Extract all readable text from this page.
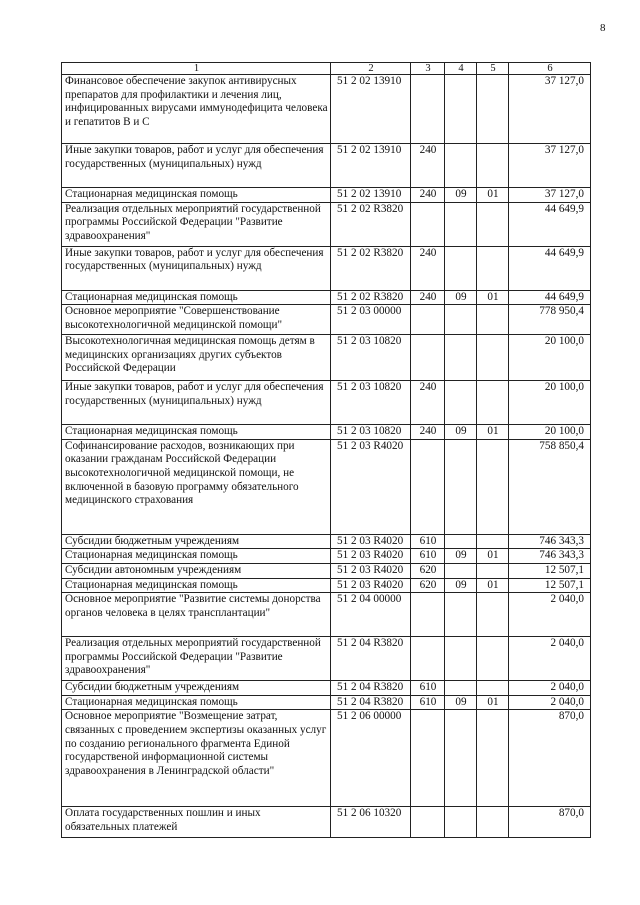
8
1	2	3	4	5	6
Финансовое обеспечение закупок антивирусных препаратов для профилактики и лечения лиц, инфицированных вирусами иммунодефицита человека и гепатитов В и С	51 2 02 13910				37 127,0
Иные закупки товаров, работ и услуг для обеспечения государственных (муниципальных) нужд	51 2 02 13910	240			37 127,0
Стационарная медицинская помощь	51 2 02 13910	240	09	01	37 127,0
Реализация отдельных мероприятий государственной программы Российской Федерации "Развитие здравоохранения"	51 2 02 R3820				44 649,9
Иные закупки товаров, работ и услуг для обеспечения государственных (муниципальных) нужд	51 2 02 R3820	240			44 649,9
Стационарная медицинская помощь	51 2 02 R3820	240	09	01	44 649,9
Основное мероприятие "Совершенствование высокотехнологичной медицинской помощи"	51 2 03 00000				778 950,4
Высокотехнологичная медицинская помощь детям в медицинских организациях других субъектов Российской Федерации	51 2 03 10820				20 100,0
Иные закупки товаров, работ и услуг для обеспечения государственных (муниципальных) нужд	51 2 03 10820	240			20 100,0
Стационарная медицинская помощь	51 2 03 10820	240	09	01	20 100,0
Софинансирование расходов, возникающих при оказании гражданам Российской Федерации высокотехнологичной медицинской помощи, не включенной в базовую программу обязательного медицинского страхования	51 2 03 R4020				758 850,4
Субсидии бюджетным учреждениям	51 2 03 R4020	610			746 343,3
Стационарная медицинская помощь	51 2 03 R4020	610	09	01	746 343,3
Субсидии автономным учреждениям	51 2 03 R4020	620			12 507,1
Стационарная медицинская помощь	51 2 03 R4020	620	09	01	12 507,1
Основное мероприятие "Развитие системы донорства органов человека в целях трансплантации"	51 2 04 00000				2 040,0
Реализация отдельных мероприятий государственной программы Российской Федерации "Развитие здравоохранения"	51 2 04 R3820				2 040,0
Субсидии бюджетным учреждениям	51 2 04 R3820	610			2 040,0
Стационарная медицинская помощь	51 2 04 R3820	610	09	01	2 040,0
Основное мероприятие "Возмещение затрат, связанных с проведением экспертизы оказанных услуг по созданию регионального фрагмента Единой государственой информационной системы здравоохранения в Ленинградской области"	51 2 06 00000				870,0
Оплата государственных пошлин и иных обязательных платежей	51 2 06 10320				870,0
